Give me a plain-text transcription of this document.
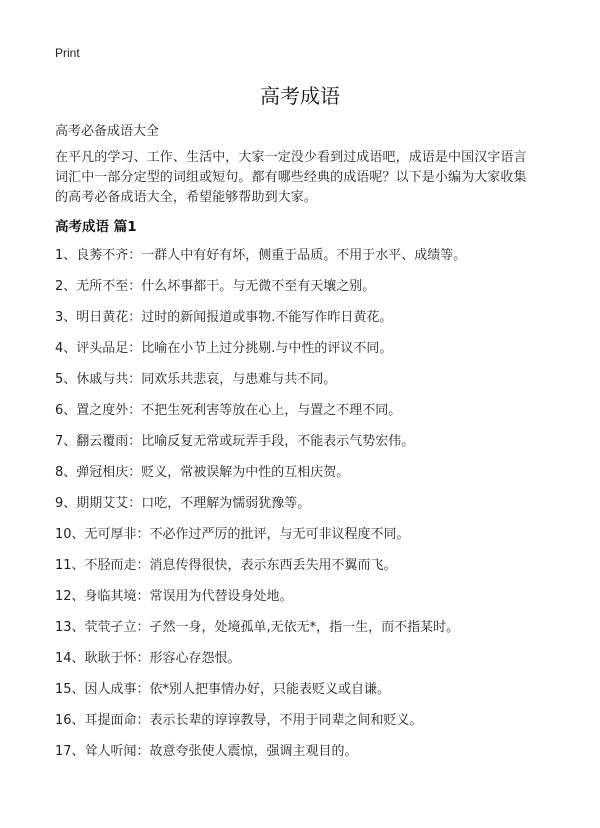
Print
高考成语
高考必备成语大全
在平凡的学习、工作、生活中，大家一定没少看到过成语吧，成语是中国汉字语言
词汇中一部分定型的词组或短句。都有哪些经典的成语呢？以下是小编为大家收集
的高考必备成语大全，希望能够帮助到大家。
高考成语 篇1
1、良莠不齐：一群人中有好有坏，侧重于品质。不用于水平、成绩等。
2、无所不至：什么坏事都干。与无微不至有天壤之别。
3、明日黄花：过时的新闻报道或事物.不能写作昨日黄花。
4、评头品足：比喻在小节上过分挑剔.与中性的评议不同。
5、休戚与共：同欢乐共悲哀，与患难与共不同。
6、置之度外：不把生死利害等放在心上，与置之不理不同。
7、翻云覆雨：比喻反复无常或玩弄手段，不能表示气势宏伟。
8、弹冠相庆：贬义，常被误解为中性的互相庆贺。
9、期期艾艾：口吃，不理解为懦弱犹豫等。
10、无可厚非：不必作过严厉的批评，与无可非议程度不同。
11、不胫而走：消息传得很快，表示东西丢失用不翼而飞。
12、身临其境：常误用为代替设身处地。
13、茕茕孑立：孑然一身，处境孤单,无依无*，指一生，而不指某时。
14、耿耿于怀：形容心存怨恨。
15、因人成事：依*别人把事情办好，只能表贬义或自谦。
16、耳提面命：表示长辈的谆谆教导，不用于同辈之间和贬义。
17、耸人听闻：故意夸张使人震惊，强调主观目的。
